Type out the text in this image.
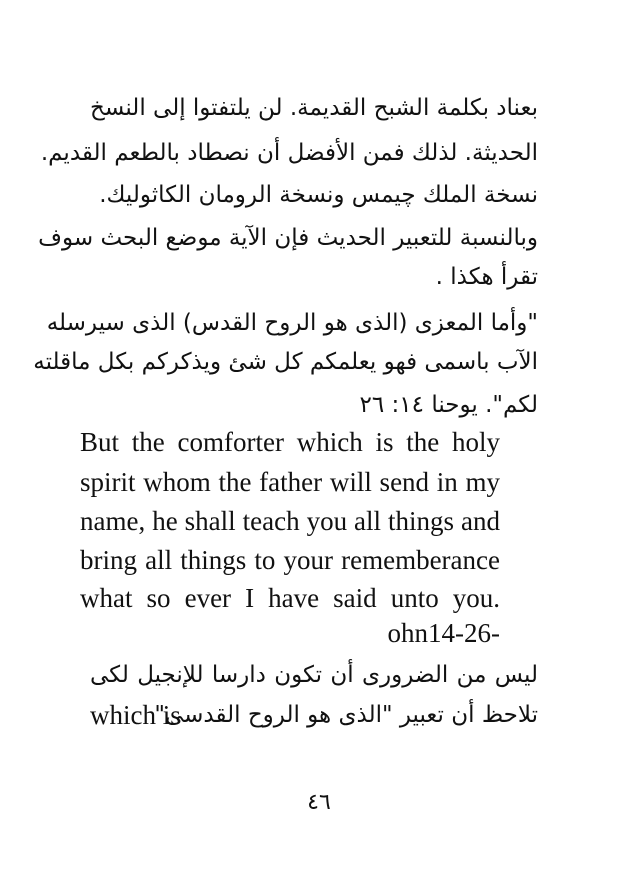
بعناد بكلمة الشبح القديمة. لن يلتفتوا إلى النسخ
الحديثة. لذلك فمن الأفضل أن نصطاد بالطعم القديم.
نسخة الملك چيمس ونسخة الرومان الكاثوليك.
وبالنسبة للتعبير الحديث فإن الآية موضع البحث سوف
تقرأ هكذا .
"وأما المعزى (الذى هو الروح القدس) الذى سيرسله
الآب باسمى فهو يعلمكم كل شئ ويذكركم بكل ماقلته
لكم". يوحنا ١٤: ٢٦
But the comforter which is the holy
spirit whom the father will send in my
name, he shall teach you all things and
bring all things to your rememberance
what so ever I have said unto you.
ohn14-26-
ليس من الضرورى أن تكون دارسا للإنجيل لكى
which is
تلاحظ أن تعبير "الذى هو الروح القدسى"
٤٦
